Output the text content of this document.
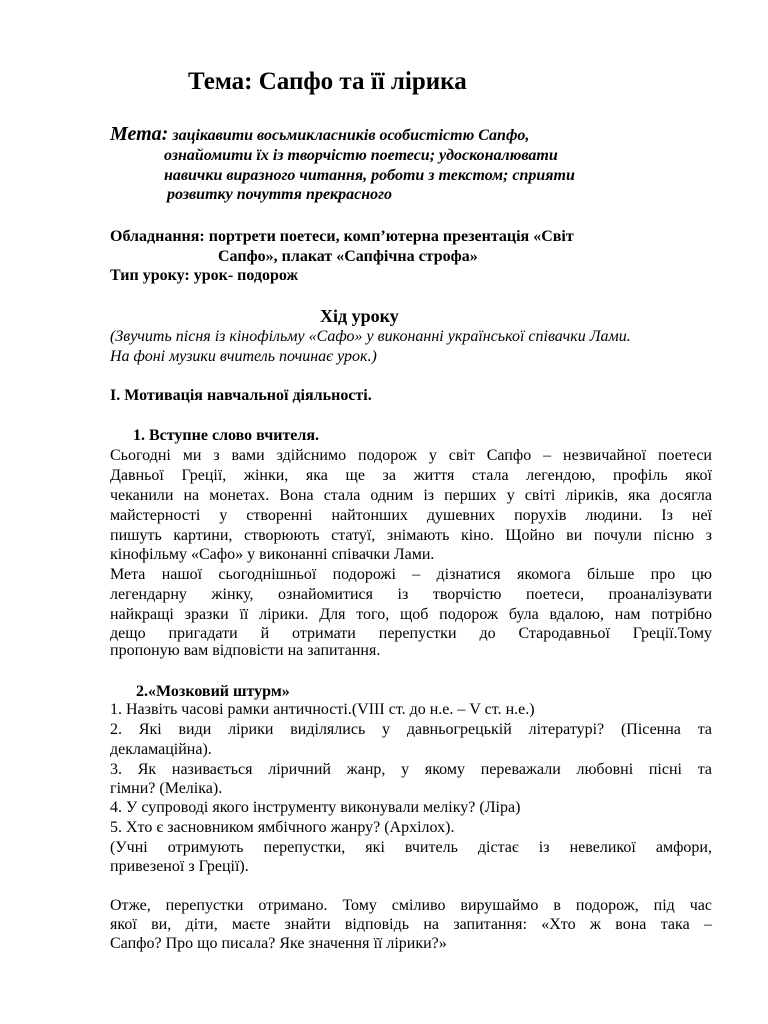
Тема: Сапфо та її лірика
Мета: зацікавити восьмикласників особистістю Сапфо,
ознайомити їх із творчістю поетеси; удосконалювати
навички виразного читання, роботи з текстом; сприяти
розвитку почуття прекрасного
Обладнання: портрети поетеси, комп’ютерна презентація «Світ
Сапфо», плакат «Сапфічна строфа»
Тип уроку: урок- подорож
Хід уроку
(Звучить пісня із кінофільму «Сафо» у виконанні української співачки Лами.
На фоні музики вчитель починає урок.)
І. Мотивація навчальної діяльності.
1. Вступне слово вчителя.
Сьогодні ми з вами здійснимо подорож у світ Сапфо – незвичайної поетеси
Давньої Греції, жінки, яка ще за життя стала легендою, профіль якої
чеканили на монетах. Вона стала одним із перших у світі ліриків, яка досягла
майстерності у створенні найтонших душевних порухів людини. Із неї
пишуть картини, створюють статуї, знімають кіно. Щойно ви почули пісню з
кінофільму «Сафо» у виконанні співачки Лами.
Мета нашої сьогоднішньої подорожі – дізнатися якомога більше про цю
легендарну жінку, ознайомитися із творчістю поетеси, проаналізувати
найкращі зразки її лірики. Для того, щоб подорож була вдалою, нам потрібно
дещо пригадати й отримати перепустки до Стародавньої Греції.Тому
пропоную вам відповісти на запитання.
2.«Мозковий штурм»
1. Назвіть часові рамки античності.(VІІІ ст. до н.е. – V ст. н.е.)
2. Які види лірики виділялись у давньогрецькій літературі? (Пісенна та
декламаційна).
3. Як називається ліричний жанр, у якому переважали любовні пісні та
гімни? (Меліка).
4. У супроводі якого інструменту виконували меліку? (Ліра)
5. Хто є засновником ямбічного жанру? (Архілох).
(Учні отримують перепустки, які вчитель дістає із невеликої амфори,
привезеної з Греції).
Отже, перепустки отримано. Тому сміливо вирушаймо в подорож, під час
якої ви, діти, маєте знайти відповідь на запитання: «Хто ж вона така –
Сапфо? Про що писала? Яке значення її лірики?»
